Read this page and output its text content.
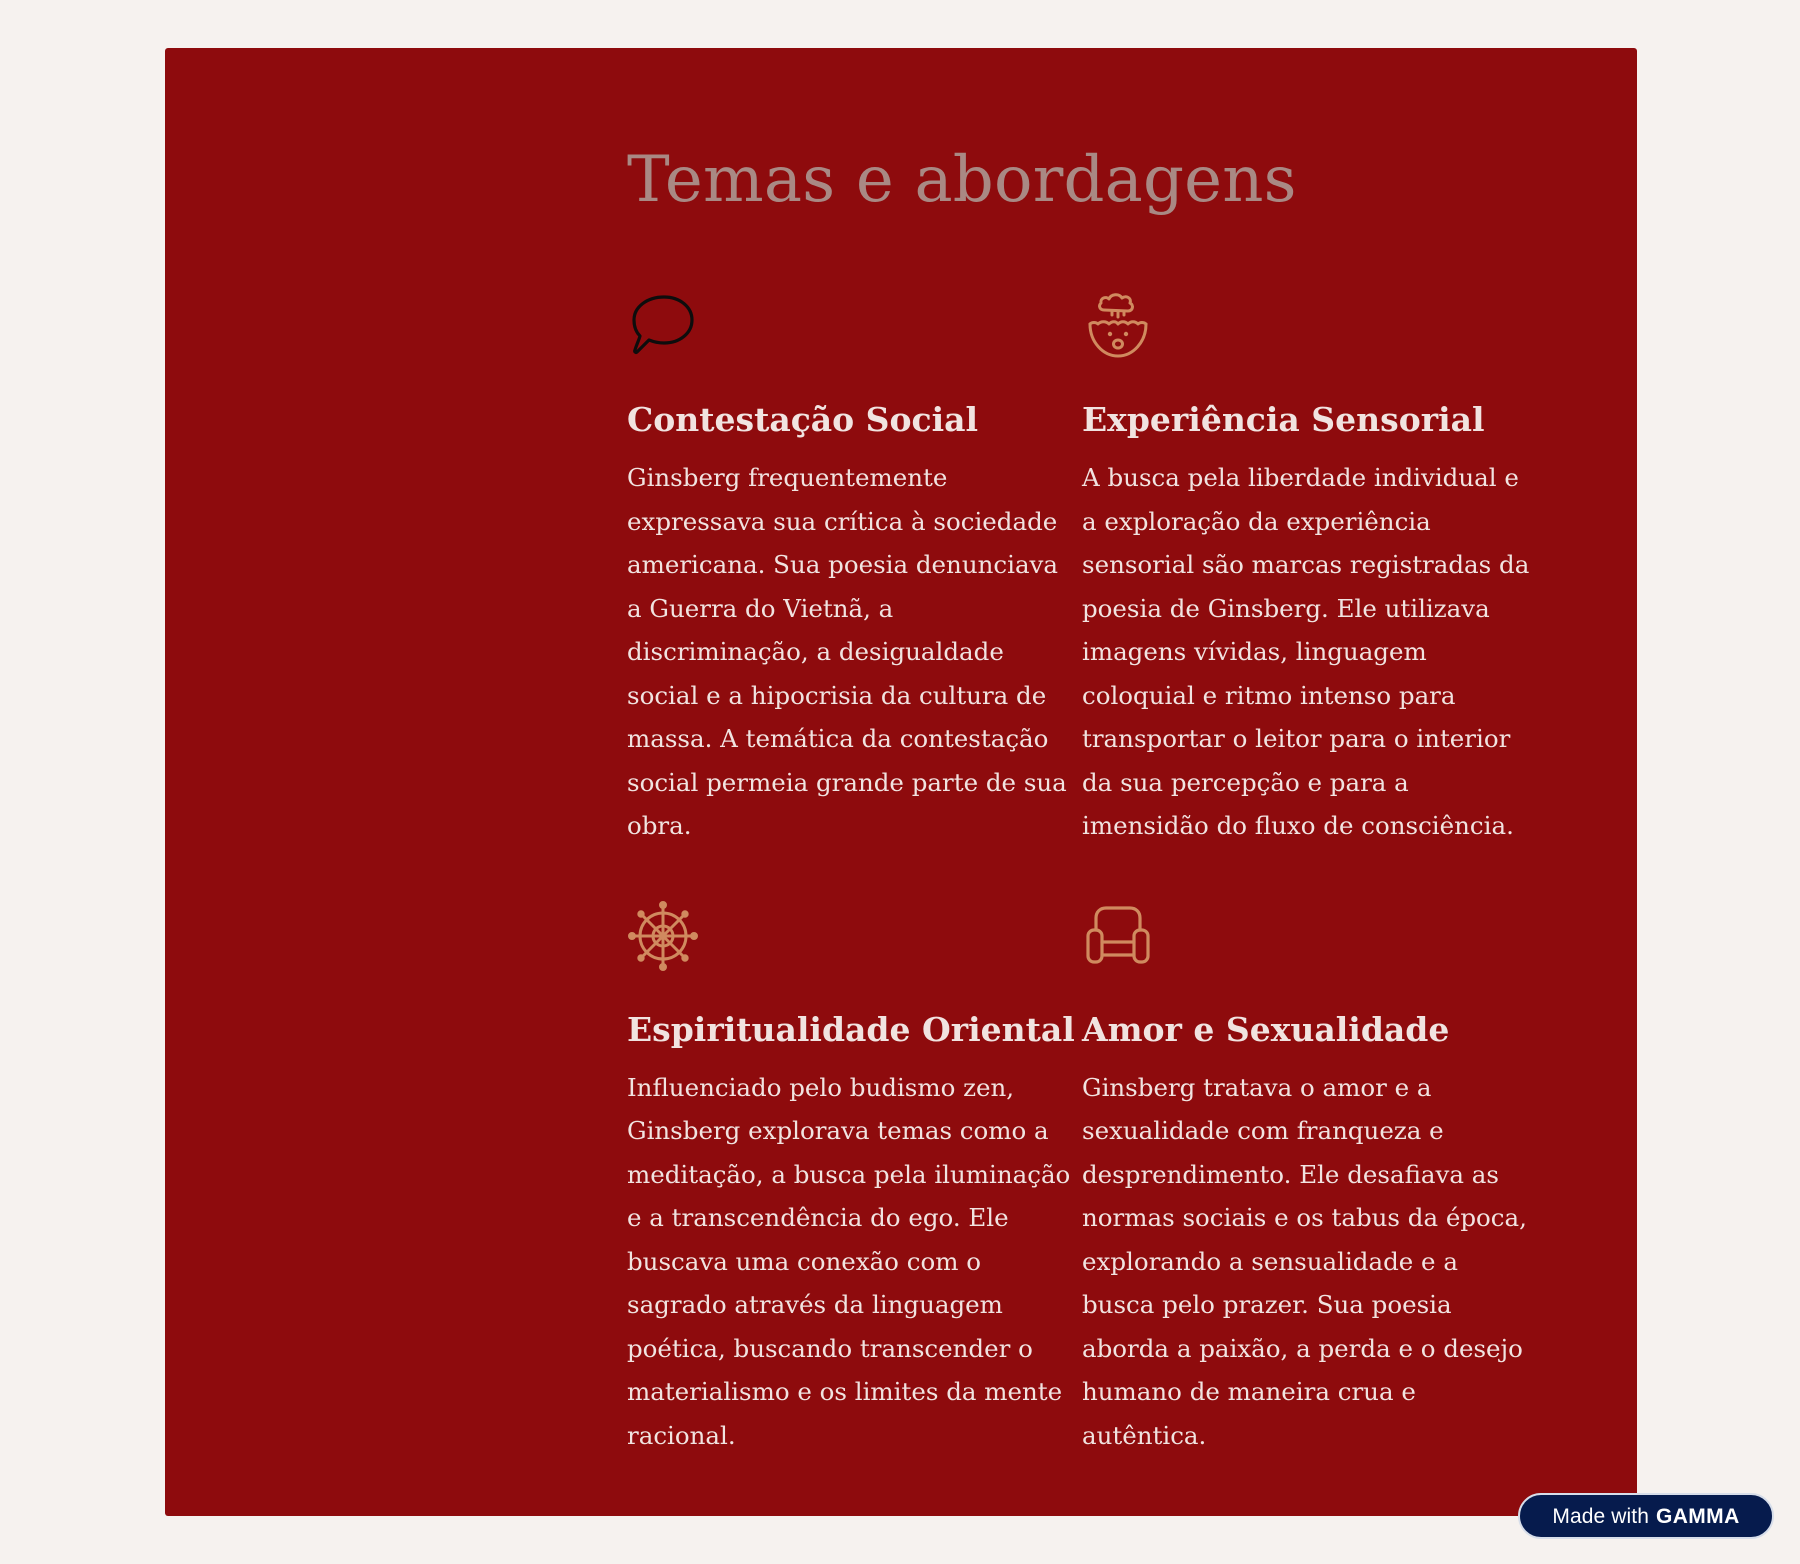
Temas e abordagens
Contestação Social

Ginsberg frequentemente expressava sua crítica à sociedade americana. Sua poesia denunciava a Guerra do Vietnã, a discriminação, a desigualdade social e a hipocrisia da cultura de massa. A temática da contestação social permeia grande parte de sua obra.

Experiência Sensorial

A busca pela liberdade individual e a exploração da experiência sensorial são marcas registradas da poesia de Ginsberg. Ele utilizava imagens vívidas, linguagem coloquial e ritmo intenso para transportar o leitor para o interior da sua percepção e para a imensidão do fluxo de consciência.

Espiritualidade Oriental

Influenciado pelo budismo zen, Ginsberg explorava temas como a meditação, a busca pela iluminação e a transcendência do ego. Ele buscava uma conexão com o sagrado através da linguagem poética, buscando transcender o materialismo e os limites da mente racional.

Amor e Sexualidade

Ginsberg tratava o amor e a sexualidade com franqueza e desprendimento. Ele desafiava as normas sociais e os tabus da época, explorando a sensualidade e a busca pelo prazer. Sua poesia aborda a paixão, a perda e o desejo humano de maneira crua e autêntica.

Made with GAMMA
